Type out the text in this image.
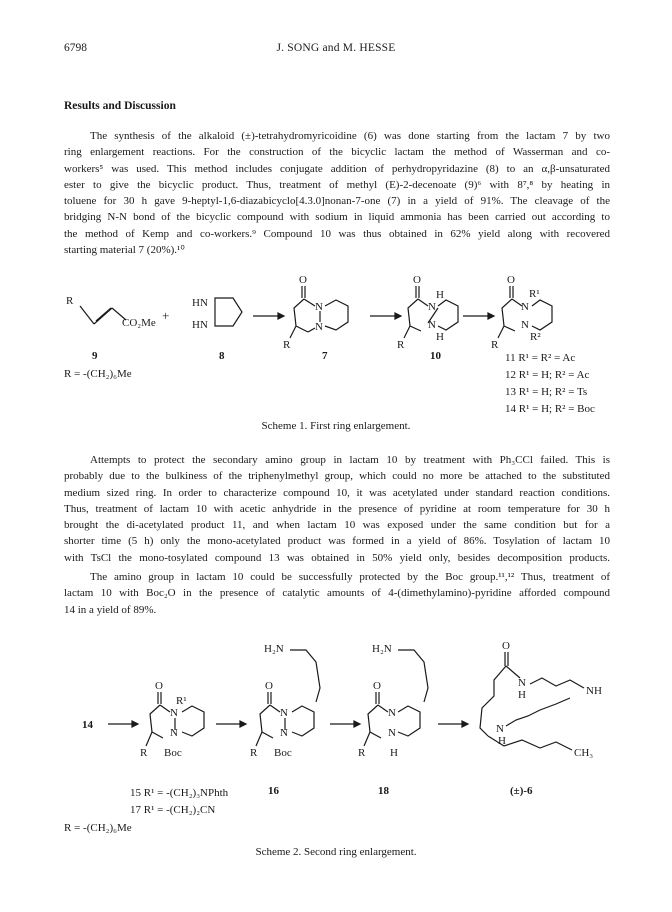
6798	J. SONG and M. HESSE
Results and Discussion
The synthesis of the alkaloid (±)-tetrahydromyricoidine (6) was done starting from the lactam 7 by two
ring enlargement reactions. For the construction of the bicyclic lactam the method of Wasserman and co-
workers⁵ was used. This method includes conjugate addition of perhydropyridazine (8) to an α,β-unsaturated
ester to give the bicyclic product. Thus, treatment of methyl (E)-2-decenoate (9)⁶ with 8⁷,⁸ by heating in
toluene for 30 h gave 9-heptyl-1,6-diazabicyclo[4.3.0]nonan-7-one (7) in a yield of 91%. The cleavage of the
bridging N-N bond of the bicyclic compound with sodium in liquid ammonia has been carried out according to
the method of Kemp and co-workers.⁹ Compound 10 was thus obtained in 62% yield along with recovered
starting material 7 (20%).¹⁰
R
CO₂Me +
HN
HN
O
N
N
R
O
H
N
N
H
R
O
R¹
N
N
R²
R
9	8	7	10	11 R¹ = R² = Ac
12 R¹ = H; R² = Ac
13 R¹ = H; R² = Ts
14 R¹ = H; R² = Boc
R = -(CH₂)₆Me
Scheme 1. First ring enlargement.
Attempts to protect the secondary amino group in lactam 10 by treatment with Ph₃CCl failed. This is
probably due to the bulkiness of the triphenylmethyl group, which could no more be attached to the substituted
medium sized ring. In order to characterize compound 10, it was acetylated under standard reaction conditions.
Thus, treatment of lactam 10 with acetic anhydride in the presence of pyridine at room temperature for 30 h
brought the di-acetylated product 11, and when lactam 10 was exposed under the same condition but for a
shorter time (5 h) only the mono-acetylated product was formed in a yield of 86%. Tosylation of lactam 10
with TsCl the mono-tosylated compound 13 was obtained in 50% yield only, besides decomposition products.
The amino group in lactam 10 could be successfully protected by the Boc group.¹¹,¹² Thus, treatment of
lactam 10 with Boc₂O in the presence of catalytic amounts of 4-(dimethylamino)-pyridine afforded compound
14 in a yield of 89%.
14
O
R¹
N
N
R Boc
H₂N
O
N
N
R Boc
H₂N
O
N
N
R H
O
N
H	NH
N
H
CH₃
15 R¹ = -(CH₂)₃NPhth
17 R¹ = -(CH₂)₂CN
16	18	(±)-6
R = -(CH₂)₆Me
Scheme 2. Second ring enlargement.
